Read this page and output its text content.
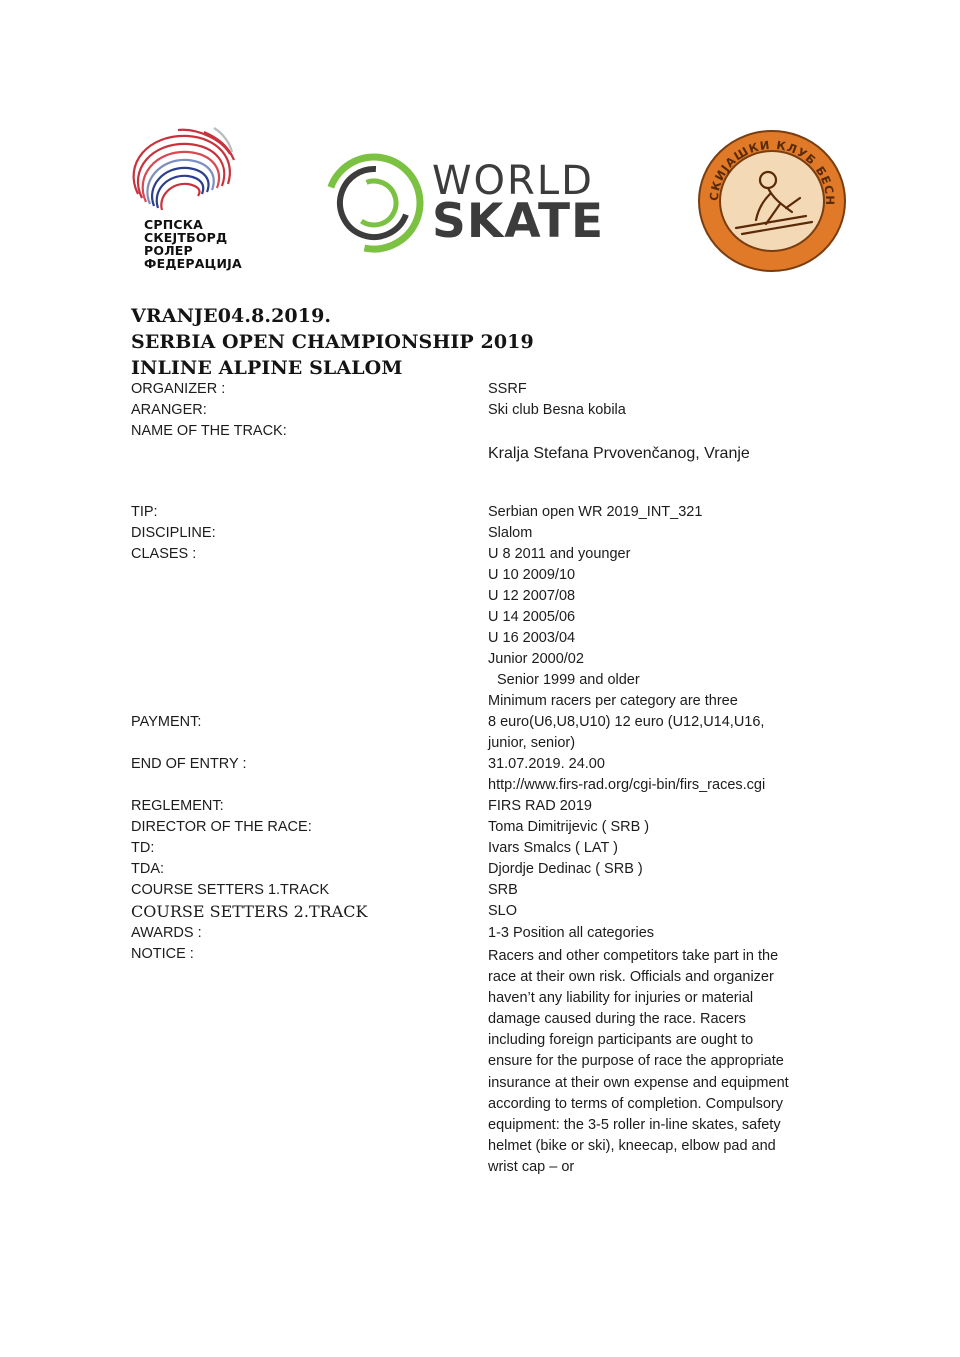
СРПСКА
СКЕЈТБОРД
РОЛЕР
ФЕДЕРАЦИЈА
WORLD
SKATE	СКИЈАШКИ КЛУБ БЕСН
VRANJE04.8.2019.
SERBIA OPEN CHAMPIONSHIP 2019
INLINE ALPINE SLALOM
ORGANIZER :	SSRF
ARANGER:	Ski club Besna kobila
NAME OF THE TRACK:
Kralja Stefana Prvovenčanog, Vranje
TIP:	Serbian open WR 2019_INT_321
DISCIPLINE:	Slalom
CLASES :	U 8 2011 and younger
U 10 2009/10
U 12 2007/08
U 14 2005/06
U 16 2003/04
Junior 2000/02
Senior 1999 and older
Minimum racers per category are three
PAYMENT:	8 euro(U6,U8,U10) 12 euro (U12,U14,U16,
junior, senior)
END OF ENTRY :	31.07.2019. 24.00
http://www.firs-rad.org/cgi-bin/firs_races.cgi
REGLEMENT:	FIRS RAD 2019
DIRECTOR OF THE RACE:	Toma Dimitrijevic ( SRB )
TD:	Ivars Smalcs ( LAT )
TDA:	Djordje Dedinac ( SRB )
COURSE SETTERS 1.TRACK	SRB
COURSE SETTERS 2.TRACK	SLO
AWARDS :	1-3 Position all categories
NOTICE :	Racers and other competitors take part in the
race at their own risk. Officials and organizer
haven’t any liability for injuries or material
damage caused during the race. Racers
including foreign participants are ought to
ensure for the purpose of race the appropriate
insurance at their own expense and equipment
according to terms of completion. Compulsory
equipment: the 3-5 roller in-line skates, safety
helmet (bike or ski), kneecap, elbow pad and
wrist cap – or
